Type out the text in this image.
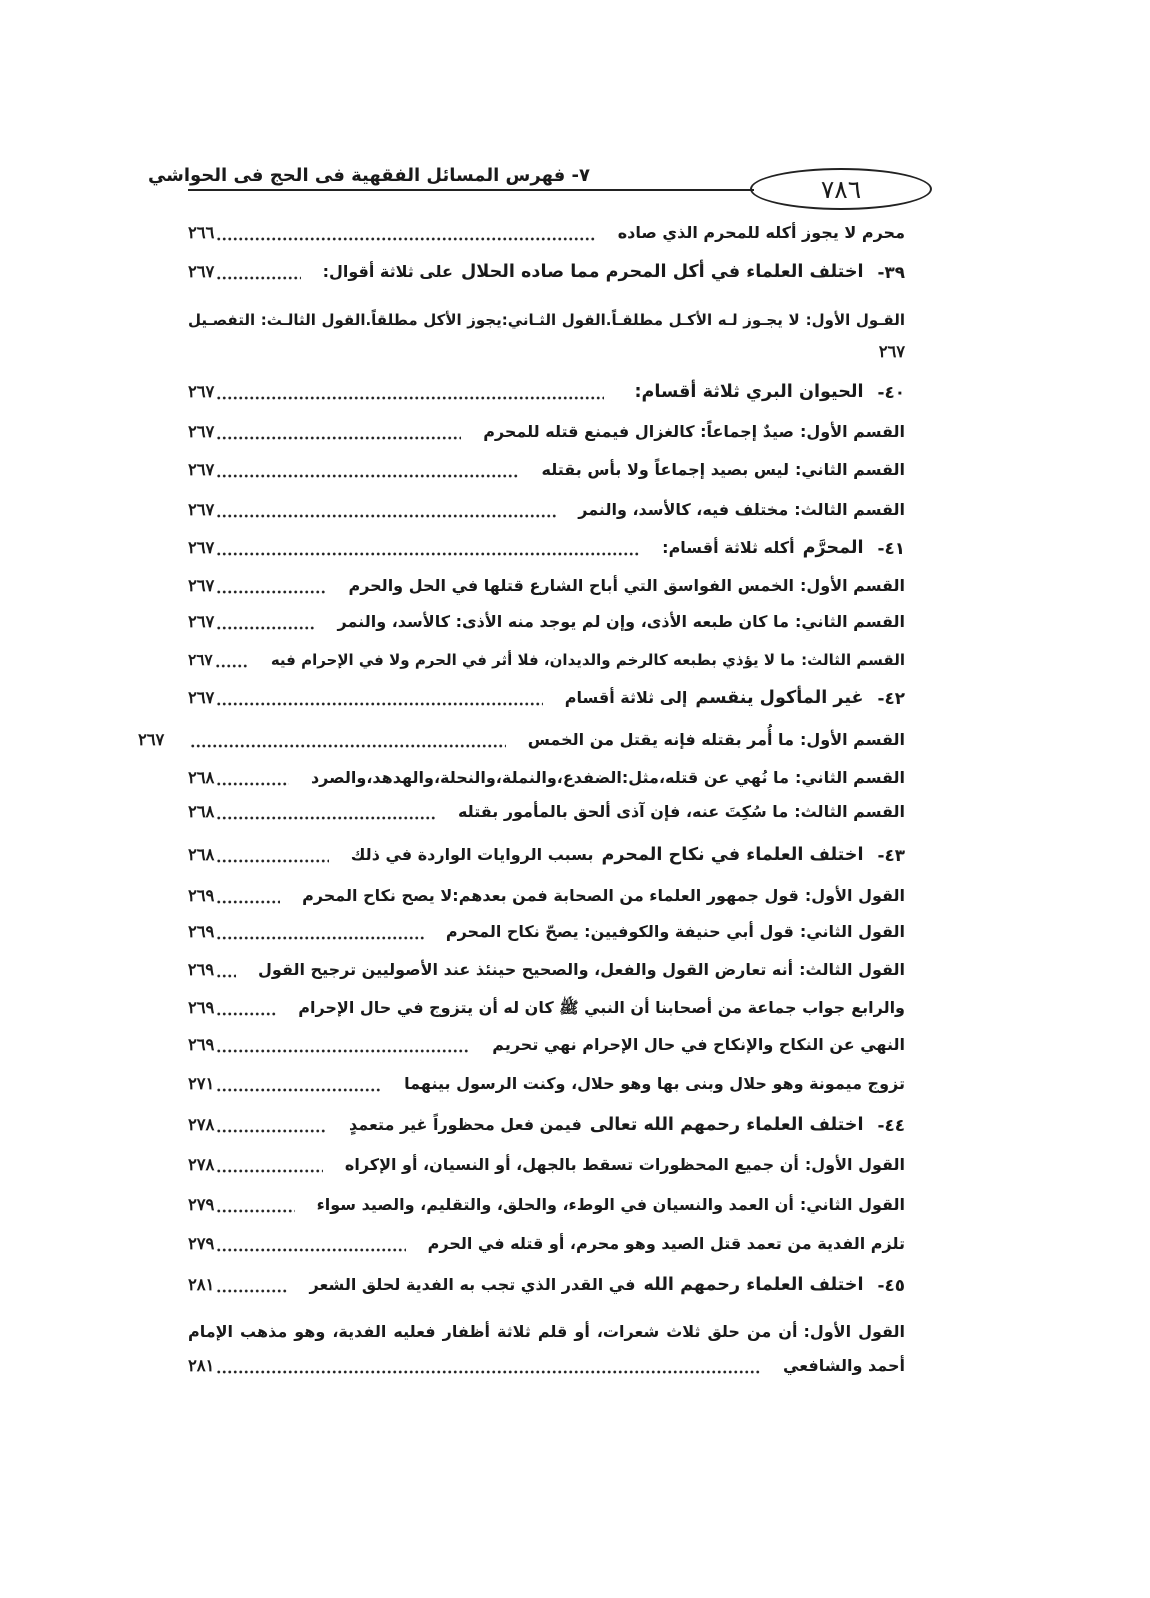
٧- فهرس المسائل الفقهية فى الحج فى الحواشي	٧٨٦
محرم لا يجوز أكله للمحرم الذي صاده
٢٦٦
٣٩-
اختلف العلماء في أكل المحرم مما صاده الحلال
على ثلاثة أقوال:
٢٦٧
القـول الأول:لا يجـوز لـه الأكـل مطلقـاً.القول الثـاني:يجوز الأكل مطلقاً.القول الثالـث: التفصـيل
٢٦٧
٤٠-
الحيوان البري ثلاثة أقسام:
٢٦٧
القسم الأول:
صيدٌ إجماعاً: كالغزال فيمنع قتله للمحرم
٢٦٧
القسم الثاني:
ليس بصيد إجماعاً ولا بأس بقتله
٢٦٧
القسم الثالث:
مختلف فيه، كالأسد، والنمر
٢٦٧
٤١-
المحرَّم
أكله ثلاثة أقسام:
٢٦٧
القسم الأول:
الخمس الفواسق التي أباح الشارع قتلها في الحل والحرم
٢٦٧
القسم الثاني:
ما كان طبعه الأذى، وإن لم يوجد منه الأذى: كالأسد، والنمر
٢٦٧
القسم الثالث:
ما لا يؤذي بطبعه كالرخم والديدان، فلا أثر في الحرم ولا في الإحرام فيه
٢٦٧
٤٢-
غير المأكول ينقسم
إلى ثلاثة أقسام
٢٦٧
القسم الأول:
ما أُمر بقتله فإنه يقتل من الخمس
٢٦٧
القسم الثاني:
ما نُهي عن قتله،مثل:الضفدع،والنملة،والنحلة،والهدهد،والصرد
٢٦٨
القسم الثالث:
ما سُكِتَ عنه، فإن آذى ألحق بالمأمور بقتله
٢٦٨
٤٣-
اختلف العلماء في نكاح المحرم
بسبب الروايات الواردة في ذلك
٢٦٨
القول الأول:
قول جمهور العلماء من الصحابة فمن بعدهم:لا يصح نكاح المحرم
٢٦٩
القول الثاني:
قول أبي حنيفة والكوفيين: يصحّ نكاح المحرم
٢٦٩
القول الثالث:
أنه تعارض القول والفعل، والصحيح حينئذ عند الأصوليين ترجيح القول
٢٦٩
والرابع
جواب جماعة من أصحابنا أن النبي ﷺ كان له أن يتزوج في حال الإحرام
٢٦٩
النهي عن النكاح والإنكاح في حال الإحرام نهي تحريم
٢٦٩
تزوج ميمونة وهو حلال وبنى بها وهو حلال، وكنت الرسول بينهما
٢٧١
٤٤-
اختلف العلماء رحمهم الله تعالى
فيمن فعل محظوراً غير متعمدٍ
٢٧٨
القول الأول:
أن جميع المحظورات تسقط بالجهل، أو النسيان، أو الإكراه
٢٧٨
القول الثاني:
أن العمد والنسيان في الوطء، والحلق، والتقليم، والصيد سواء
٢٧٩
تلزم الفدية من تعمد قتل الصيد وهو محرم، أو قتله في الحرم
٢٧٩
٤٥-
اختلف العلماء رحمهم الله
في القدر الذي تجب به الفدية لحلق الشعر
٢٨١
القول الأول:أن من حلق ثلاث شعرات، أو قلم ثلاثة أظفار فعليه الفدية، وهو مذهب الإمام
أحمد والشافعي
٢٨١
